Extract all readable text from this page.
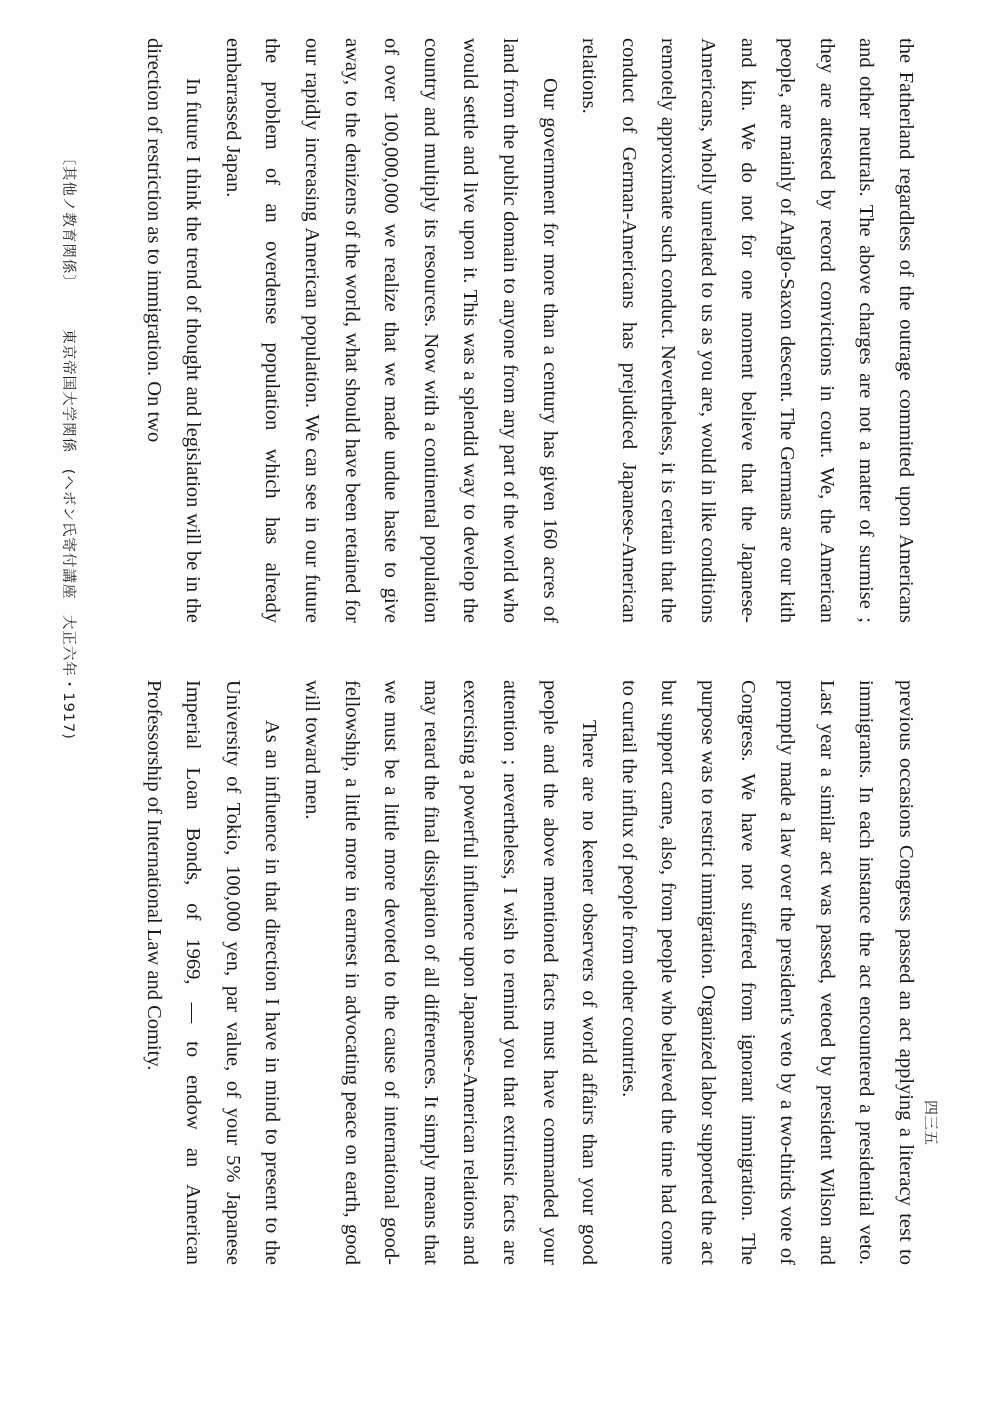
the Fatherland regardless of the outrage committed upon Americans and other neutrals. The above charges are not a matter of surmise ; they are attested by record convictions in court. We, the American people, are mainly of Anglo-Saxon descent. The Germans are our kith and kin. We do not for one moment believe that the Japanese-Americans, wholly unrelated to us as you are, would in like conditions remotely approximate such conduct. Nevertheless, it is certain that the conduct of German-Americans has prejudiced Japanese-American relations.

Our government for more than a century has given 160 acres of land from the public domain to anyone from any part of the world who would settle and live upon it. This was a splendid way to develop the country and multiply its resources. Now with a continental population of over 100,000,000 we realize that we made undue haste to give away, to the denizens of the world, what should have been retained for our rapidly increasing American population. We can see in our future the problem of an overdense population which has already embarrassed Japan.

In future I think the trend of thought and legislation will be in the direction of restriction as to immigration. On two

previous occasions Congress passed an act applying a literacy test to immigrants. In each instance the act encountered a presidential veto. Last year a similar act was passed, vetoed by president Wilson and promptly made a law over the president's veto by a two-thirds vote of Congress. We have not suffered from ignorant immigration. The purpose was to restrict immigration. Organized labor supported the act but support came, also, from people who believed the time had come to curtail the influx of people from other countries.

There are no keener observers of world affairs than your good people and the above mentioned facts must have commanded your attention ; nevertheless, I wish to remind you that extrinsic facts are exercising a powerful influence upon Japanese-American relations and may retard the final dissipation of all differences. It simply means that we must be a little more devoted to the cause of international good-fellowship, a little more in earnest in advocating peace on earth, good will toward men.

As an influence in that direction I have in mind to present to the University of Tokio, 100,000 yen, par value, of your 5% Japanese Imperial Loan Bonds, of 1969, — to endow an American Professorship of International Law and Comity.

〔其他ノ教育関係〕　　　東京帝国大学関係　(ヘボン氏寄付講座　大正六年・1917)

四三五
